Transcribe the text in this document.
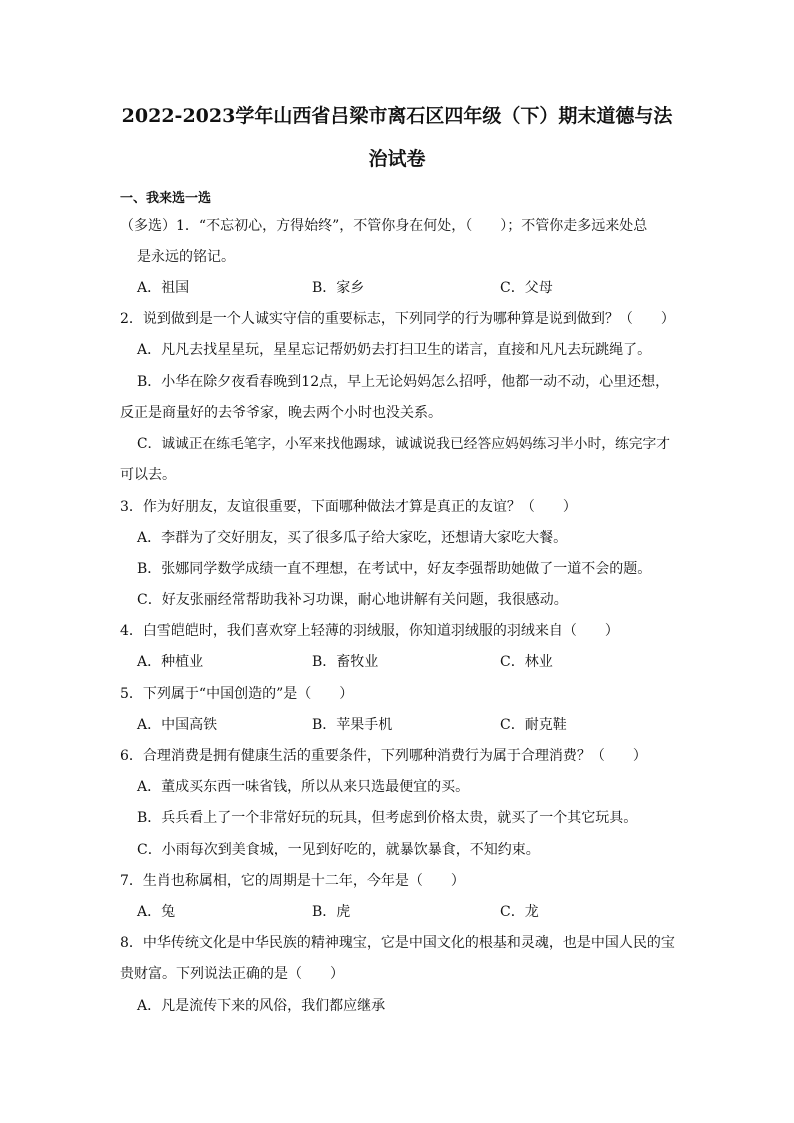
2022-2023学年山西省吕梁市离石区四年级（下）期末道德与法
治试卷
一、我来选一选
（多选）1．“不忘初心，方得始终”，不管你身在何处，（　　）；不管你走多远来处总
是永远的铭记。
A．祖国	B．家乡	C．父母
2．说到做到是一个人诚实守信的重要标志，下列同学的行为哪种算是说到做到？（　　）
A．凡凡去找星星玩，星星忘记帮奶奶去打扫卫生的诺言，直接和凡凡去玩跳绳了。
B．小华在除夕夜看春晚到12点，早上无论妈妈怎么招呼，他都一动不动，心里还想，
反正是商量好的去爷爷家，晚去两个小时也没关系。
C．诚诚正在练毛笔字，小军来找他踢球，诚诚说我已经答应妈妈练习半小时，练完字才
可以去。
3．作为好朋友，友谊很重要，下面哪种做法才算是真正的友谊？（　　）
A．李群为了交好朋友，买了很多瓜子给大家吃，还想请大家吃大餐。
B．张娜同学数学成绩一直不理想，在考试中，好友李强帮助她做了一道不会的题。
C．好友张丽经常帮助我补习功课，耐心地讲解有关问题，我很感动。
4．白雪皑皑时，我们喜欢穿上轻薄的羽绒服，你知道羽绒服的羽绒来自（　　）
A．种植业	B．畜牧业	C．林业
5．下列属于“中国创造的”是（　　）
A．中国高铁	B．苹果手机	C．耐克鞋
6．合理消费是拥有健康生活的重要条件，下列哪种消费行为属于合理消费？（　　）
A．董成买东西一味省钱，所以从来只选最便宜的买。
B．兵兵看上了一个非常好玩的玩具，但考虑到价格太贵，就买了一个其它玩具。
C．小雨每次到美食城，一见到好吃的，就暴饮暴食，不知约束。
7．生肖也称属相，它的周期是十二年，今年是（　　）
A．兔	B．虎	C．龙
8．中华传统文化是中华民族的精神瑰宝，它是中国文化的根基和灵魂，也是中国人民的宝
贵财富。下列说法正确的是（　　）
A．凡是流传下来的风俗，我们都应继承
